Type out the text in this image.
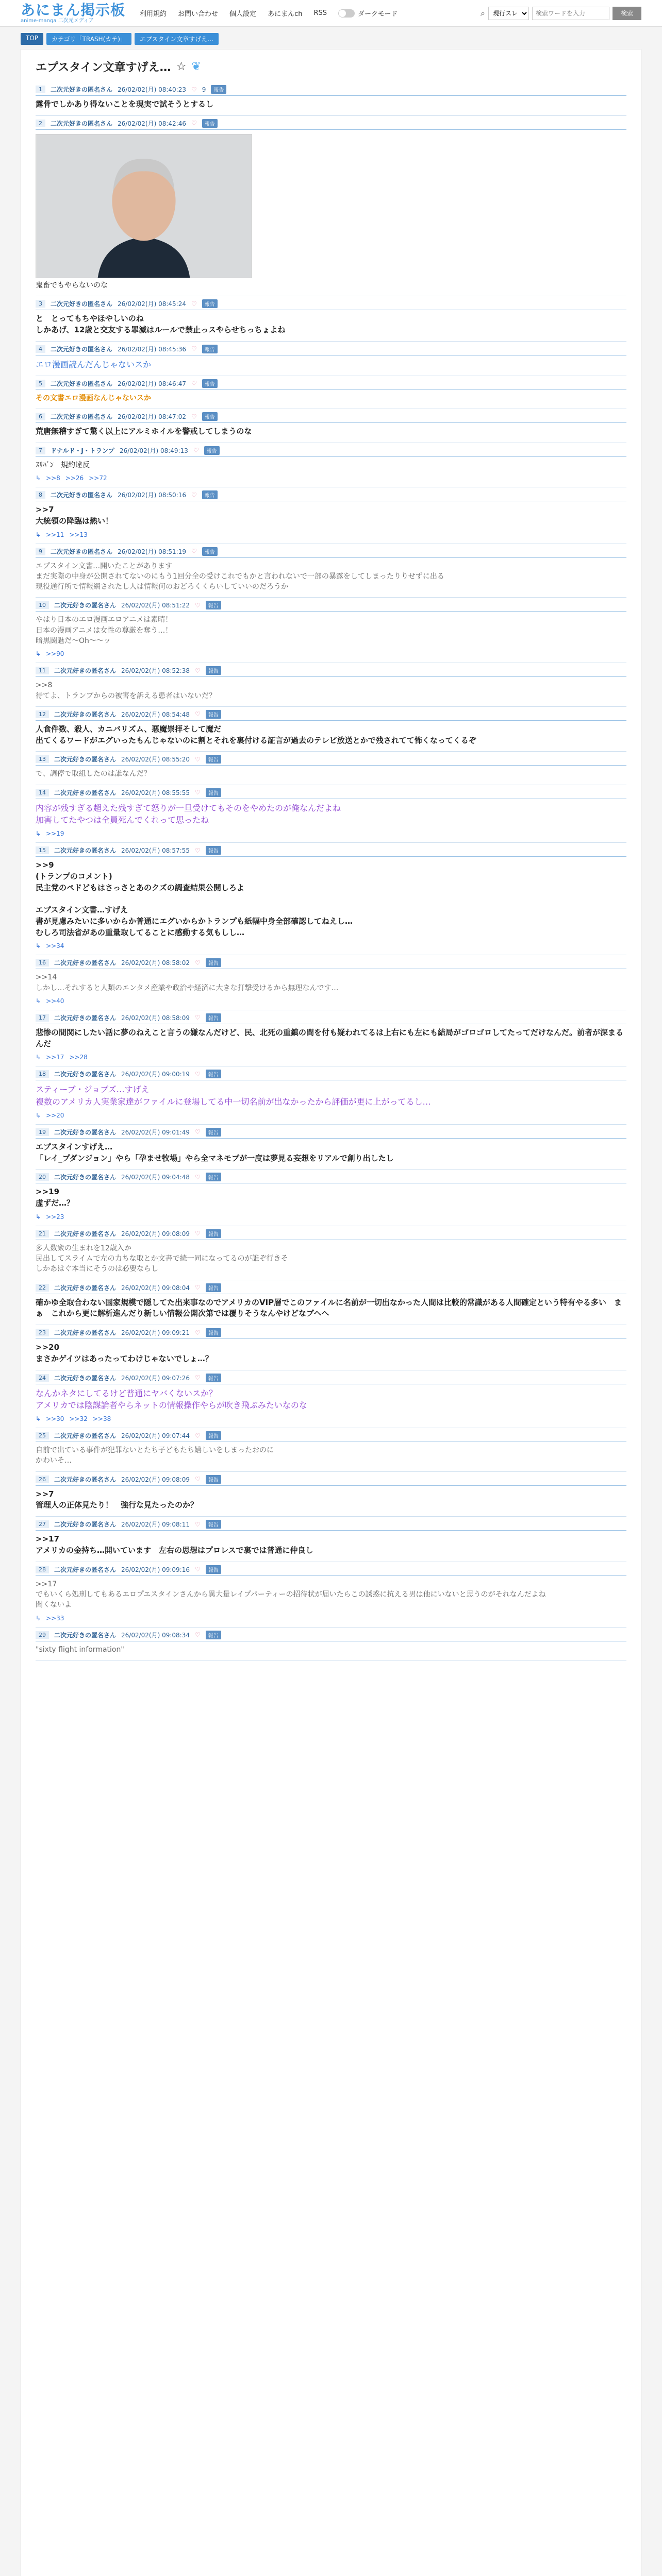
あにまん掲示板
anime-manga 二次元メディア
利用規約 お問い合わせ 個人設定 あにまんch RSS	ダークモード	⌕
現行スレ
検索ワードを入力	検索
TOP	カテゴリ「TRASH(カテ)」	エプスタイン文章すげえ…
エプスタイン文章すげえ… ☆ ❦
1	二次元好きの匿名さん 26/02/02(月) 08:40:23 ♡ 9	報告
露骨でしかあり得ないことを現実で試そうとするし
2	二次元好きの匿名さん 26/02/02(月) 08:42:46 ♡	報告
鬼畜でもやらないのな
3	二次元好きの匿名さん 26/02/02(月) 08:45:24 ♡	報告
と　とってもちやほやしいのね
しかあげ、12歳と交友する罪滅はルールで禁止っスやらせちっちょよね
4	二次元好きの匿名さん 26/02/02(月) 08:45:36 ♡	報告
エロ漫画読んだんじゃないスか
5	二次元好きの匿名さん 26/02/02(月) 08:46:47 ♡	報告
その文書エロ漫画なんじゃないスか
6	二次元好きの匿名さん 26/02/02(月) 08:47:02 ♡	報告
荒唐無稽すぎて驚く以上にアルミホイルを警戒してしまうのな
7	ドナルド・J・トランプ 26/02/02(月) 08:49:13 ♡	報告
ｽﾘﾊﾞﾝ　規約違反
↳ >>8 >>26 >>72
8	二次元好きの匿名さん 26/02/02(月) 08:50:16 ♡	報告
>>7
大統領の降臨は熱い！
↳ >>11 >>13
9	二次元好きの匿名さん 26/02/02(月) 08:51:19 ♡	報告
エプスタイン文書…開いたことがあります
まだ実際の中身が公開されてないのにもう1回分全の受けこれでもかと言われないで一部の暴露をしてしまったりりせずに出る
現役通行所で情報網されたし人は情報何のおどろくくらいしていいのだろうか
10	二次元好きの匿名さん 26/02/02(月) 08:51:22 ♡	報告
やはり日本のエロ漫画エロアニメは素晴！
日本の漫画アニメは女性の尊厳を奪う…！
暗黒闘魅だ〜Oh〜〜ッ
↳ >>90
11	二次元好きの匿名さん 26/02/02(月) 08:52:38 ♡	報告
>>8
待てよ、トランプからの被害を訴える患者はいないだ？
12	二次元好きの匿名さん 26/02/02(月) 08:54:48 ♡	報告
人食件数、殺人、カニバリズム、悪魔崇拝そして魔だ
出てくるワードがエグいったもんじゃないのに割とそれを裏付ける証言が過去のテレビ放送とかで残されてて怖くなってくるぞ
13	二次元好きの匿名さん 26/02/02(月) 08:55:20 ♡	報告
で、調停で取組したのは誰なんだ？
14	二次元好きの匿名さん 26/02/02(月) 08:55:55 ♡	報告
内容が残すぎる超えた残すぎて怒りが一旦受けてもそのをやめたのが俺なんだよね
加害してたやつは全員死んでくれって思ったね
↳ >>19
15	二次元好きの匿名さん 26/02/02(月) 08:57:55 ♡	報告
>>9
(トランプのコメント)
民主党のペドどもはさっさとあのクズの調査結果公開しろよ

エプスタイン文書…すげえ
書が見慮みたいに多いからか普通にエグいからかトランプも紙幅中身全部確認してねえし…
むしろ司法省があの重量取してることに感動する気もしし…
↳ >>34
16	二次元好きの匿名さん 26/02/02(月) 08:58:02 ♡	報告
>>14
しかし…それすると人類のエンタメ産業や政治や経済に大きな打撃受けるから無理なんです…
↳ >>40
17	二次元好きの匿名さん 26/02/02(月) 08:58:09 ♡	報告
悲惨の間関にしたい話に夢のねえこと言うの嫌なんだけど、民、北死の重鎮の間を付も疑われてるは上右にも左にも結局がゴロゴロしてたってだけなんだ。前者が深まるんだ
↳ >>17 >>28
18	二次元好きの匿名さん 26/02/02(月) 09:00:19 ♡	報告
スティーブ・ジョブズ…すげえ
複数のアメリカ人実業家達がファイルに登場してる中一切名前が出なかったから評価が更に上がってるし…
↳ >>20
19	二次元好きの匿名さん 26/02/02(月) 09:01:49 ♡	報告
エプスタインすげえ…
「レイ_プダンジョン」やら「孕ませ牧場」やら全マネモブが一度は夢見る妄想をリアルで創り出したし
20	二次元好きの匿名さん 26/02/02(月) 09:04:48 ♡	報告
>>19
虚ずだ…？
↳ >>23
21	二次元好きの匿名さん 26/02/02(月) 09:08:09 ♡	報告
多人数衆の生まれを12歳入か
民出してスライムで左の力ちな取とか文書で続一同になってるのが誰ぞ行きそ
しかあはぐ本当にそうのは必要ならし
22	二次元好きの匿名さん 26/02/02(月) 09:08:04 ♡	報告
確かゆ全取合わない国家規模で隠してた出来事なのでアメリカのVIP層でこのファイルに名前が一切出なかった人間は比較的常識がある人間確定という特有やる多い　まぁ　これから更に解析進んだり新しい情報公開次第では覆りそうなんやけどなブヘへ
23	二次元好きの匿名さん 26/02/02(月) 09:09:21 ♡	報告
>>20
まさかゲイツはあったってわけじゃないでしょ…？
24	二次元好きの匿名さん 26/02/02(月) 09:07:26 ♡	報告
なんかネタにしてるけど普通にヤバくないスか？
アメリカでは陰謀論者やらネットの情報操作やらが吹き飛ぶみたいなのな
↳ >>30 >>32 >>38
25	二次元好きの匿名さん 26/02/02(月) 09:07:44 ♡	報告
自前で出ている事件が犯罪ないとたち子どもたち嬉しいをしまったおのに
かわいそ…
26	二次元好きの匿名さん 26/02/02(月) 09:08:09 ♡	報告
>>7
管理人の正体見たり！　強行な見たったのか？
27	二次元好きの匿名さん 26/02/02(月) 09:08:11 ♡	報告
>>17
アメリカの金持ち…開いています　左右の思想はプロレスで裏では普通に仲良し
28	二次元好きの匿名さん 26/02/02(月) 09:09:16 ♡	報告
>>17
でもいくら処刑してもあるエロプエスタインさんから異大量レイプパーティーの招待状が届いたらこの誘惑に抗える男は他にいないと思うのがそれなんだよね
聞くないよ
↳ >>33
29	二次元好きの匿名さん 26/02/02(月) 09:08:34 ♡	報告
"sixty flight information"
